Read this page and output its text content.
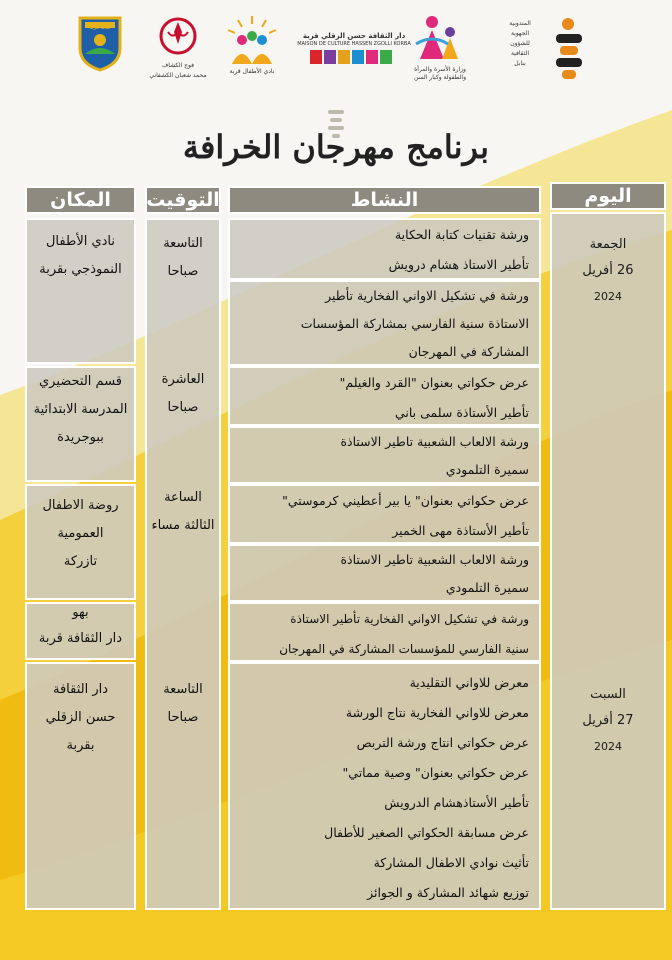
المندوبية
الجهوية
للشؤون
الثقافية
بنابل
وزارة الأسرة والمرأة والطفولة وكبار السن
دار الثقافة حسن الزقلي قربة
MAISON DE CULTURE HASSEN ZGOLLI KORBA
نادي الأطفال قربة
فوج الكشاف
محمد شعبان الكشفاني
بلدية قربة
برنامج مهرجان الخرافة
اليوم
النشاط
التوقيت
المكان
الجمعة
26 أفريل
2024
السبت
27 أفريل
2024
التاسعة
صباحا
العاشرة
صباحا
الساعة
الثالثة مساء
التاسعة
صباحا
نادي الأطفال
النموذجي بقربة
قسم التحضيري
المدرسة الابتدائية
ببوجريدة
روضة الاطفال
العمومية
تازركة
بهو
دار الثقافة قربة
دار الثقافة
حسن الزقلي
بقربة
ورشة تقنيات كتابة الحكاية
تأطير الاستاذ هشام درويش
ورشة في تشكيل الاواني الفخارية تأطير
الاستاذة سنية الفارسي بمشاركة المؤسسات
المشاركة في المهرجان
عرض حكواتي بعنوان "القرد والغيلم"
تأطير الأستاذة سلمى باني
ورشة الالعاب الشعبية تاطير الاستاذة
سميرة التلمودي
عرض حكواتي بعنوان" يا بير أعطيني كرموستي"
تأطير الأستاذة مهى الخمير
ورشة الالعاب الشعبية تاطير الاستاذة
سميرة التلمودي
ورشة في تشكيل الاواني الفخارية تأطير الاستاذة
سنية الفارسي للمؤسسات المشاركة في المهرجان
معرض للاواني التقليدية
معرض للاواني الفخارية نتاج الورشة
عرض حكواتي انتاج ورشة التربص
عرض حكواتي بعنوان" وصية مماتي"
تأطير الأستاذهشام الدرويش
عرض مسابقة الحكواتي الصغير للأطفال
تأثيث نوادي الاطفال المشاركة
توزيع شهائد المشاركة و الجوائز
